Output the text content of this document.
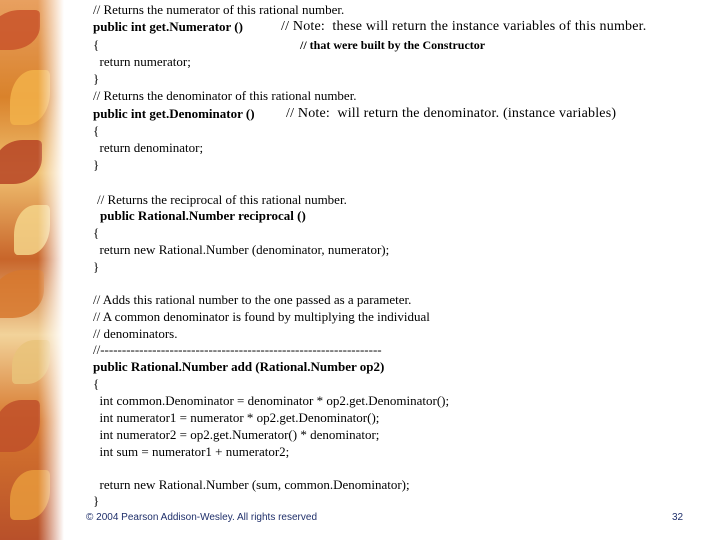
// Returns the numerator of this rational number.
public int get.Numerator ()	// Note:  these will return the instance variables of this number.
{	// that were built by the Constructor
return numerator;
}
// Returns the denominator of this rational number.
public int get.Denominator () // Note:  will return the denominator. (instance variables)
{
return denominator;
}
// Returns the reciprocal of this rational number.
public Rational.Number reciprocal ()
{
return new Rational.Number (denominator, numerator);
}
// Adds this rational number to the one passed as a parameter.
// A common denominator is found by multiplying the individual
// denominators.
//-----------------------------------------------------------------
public Rational.Number add (Rational.Number op2)
{
int common.Denominator = denominator * op2.get.Denominator();
int numerator1 = numerator * op2.get.Denominator();
int numerator2 = op2.get.Numerator() * denominator;
int sum = numerator1 + numerator2;
return new Rational.Number (sum, common.Denominator);
}
© 2004 Pearson Addison-Wesley. All rights reserved	32
